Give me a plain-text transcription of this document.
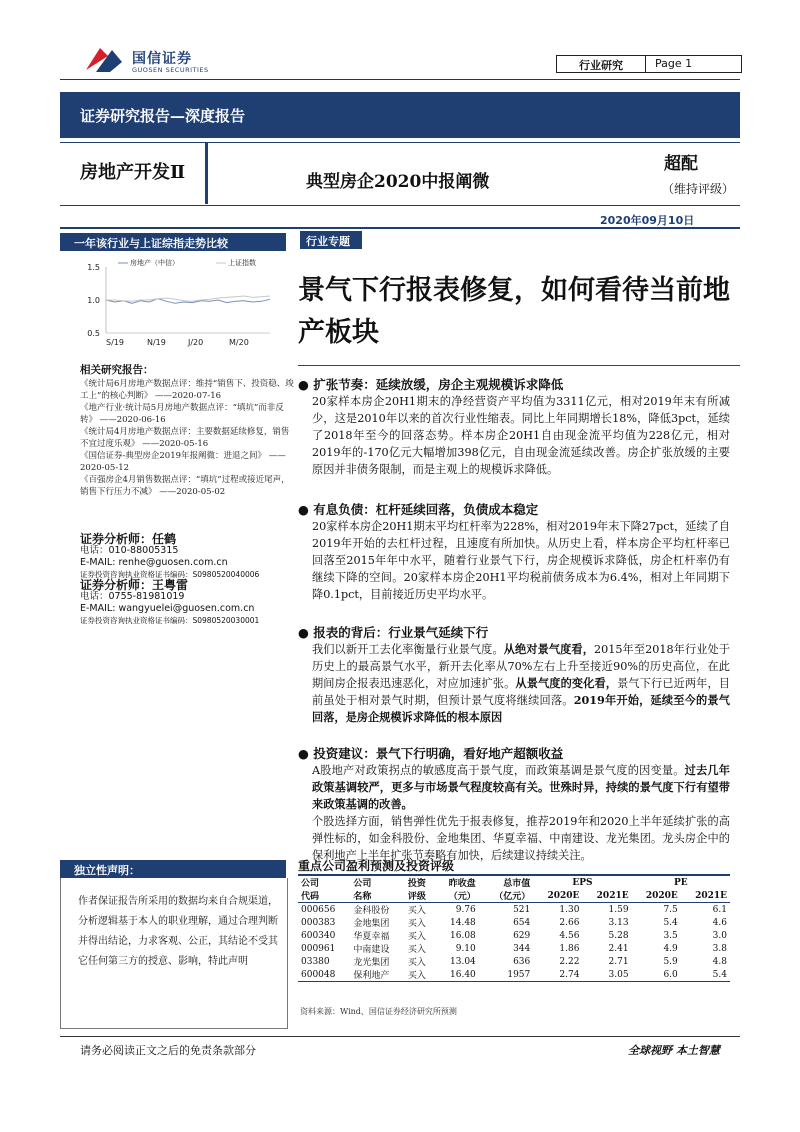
国信证券
GUOSEN SECURITIES	行业研究	Page 1
证券研究报告—深度报告
房地产开发Ⅱ	典型房企2020中报阐微
超配
（维持评级）
2020年09月10日
一年该行业与上证综指走势比较
1.5
1.0
0.5
S/19	N/19	J/20	M/20
房地产（中信）	上证指数
相关研究报告：
《统计局6月房地产数据点评：维持“销售下、投资稳、竣工上”的核心判断》 ——2020-07-16
《地产行业·统计局5月房地产数据点评：“填坑”而非反转》 ——2020-06-16
《统计局4月房地产数据点评：主要数据延续修复，销售不宜过度乐观》 ——2020-05-16
《国信证券-典型房企2019年报阐微：进退之间》 ——2020-05-12
《百强房企4月销售数据点评：“填坑”过程或接近尾声，销售下行压力不减》 ——2020-05-02
证券分析师：任鹤
电话：010-88005315
E-MAIL: renhe@guosen.com.cn
证券投资咨询执业资格证书编码：S0980520040006
证券分析师：王粤雷
电话：0755-81981019
E-MAIL: wangyuelei@guosen.com.cn
证券投资咨询执业资格证书编码：S0980520030001
独立性声明：
作者保证报告所采用的数据均来自合规渠道，分析逻辑基于本人的职业理解，通过合理判断并得出结论，力求客观、公正，其结论不受其它任何第三方的授意、影响，特此声明
行业专题
景气下行报表修复，如何看待当前地产板块
● 扩张节奏：延续放缓，房企主观规模诉求降低
20家样本房企20H1期末的净经营资产平均值为3311亿元，相对2019年末有所减少，这是2010年以来的首次行业性缩表。同比上年同期增长18%，降低3pct，延续了2018年至今的回落态势。样本房企20H1自由现金流平均值为228亿元，相对2019年的-170亿元大幅增加398亿元，自由现金流延续改善。房企扩张放缓的主要原因并非债务限制，而是主观上的规模诉求降低。
● 有息负债：杠杆延续回落，负债成本稳定
20家样本房企20H1期末平均杠杆率为228%，相对2019年末下降27pct，延续了自2019年开始的去杠杆过程，且速度有所加快。从历史上看，样本房企平均杠杆率已回落至2015年年中水平，随着行业景气下行，房企规模诉求降低，房企杠杆率仍有继续下降的空间。20家样本房企20H1平均税前债务成本为6.4%，相对上年同期下降0.1pct，目前接近历史平均水平。
● 报表的背后：行业景气延续下行
我们以新开工去化率衡量行业景气度。从绝对景气度看，2015年至2018年行业处于历史上的最高景气水平，新开去化率从70%左右上升至接近90%的历史高位，在此期间房企报表迅速恶化，对应加速扩张。从景气度的变化看，景气下行已近两年，目前虽处于相对景气时期，但预计景气度将继续回落。2019年开始，延续至今的景气回落，是房企规模诉求降低的根本原因
● 投资建议：景气下行明确，看好地产超额收益
A股地产对政策拐点的敏感度高于景气度，而政策基调是景气度的因变量。过去几年政策基调较严，更多与市场景气程度较高有关。世殊时异，持续的景气度下行有望带来政策基调的改善。
个股选择方面，销售弹性优先于报表修复，推荐2019年和2020上半年延续扩张的高弹性标的，如金科股份、金地集团、华夏幸福、中南建设、龙光集团。龙头房企中的保利地产上半年扩张节奏略有加快，后续建议持续关注。
重点公司盈利预测及投资评级
公司	公司	投资	昨收盘	总市值	EPS		PE	
代码	名称	评级	（元）	（亿元）	2020E	2021E	2020E	2021E
000656	金科股份	买入	9.76	521	1.30	1.59	7.5	6.1
000383	金地集团	买入	14.48	654	2.66	3.13	5.4	4.6
600340	华夏幸福	买入	16.08	629	4.56	5.28	3.5	3.0
000961	中南建设	买入	9.10	344	1.86	2.41	4.9	3.8
03380	龙光集团	买入	13.04	636	2.22	2.71	5.9	4.8
600048	保利地产	买入	16.40	1957	2.74	3.05	6.0	5.4
资料来源：Wind、国信证券经济研究所预测
请务必阅读正文之后的免责条款部分	全球视野 本土智慧
